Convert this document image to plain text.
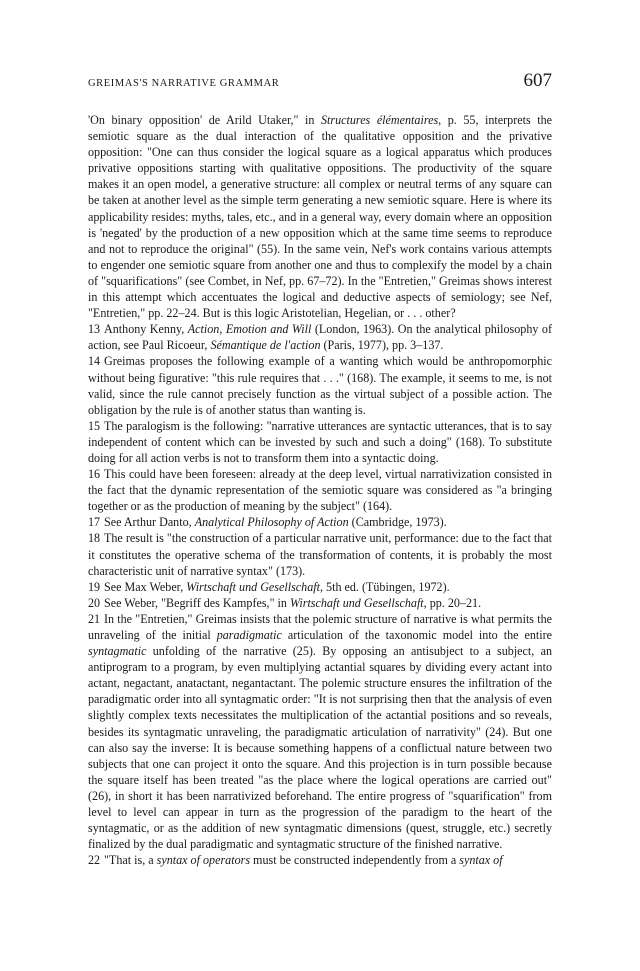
GREIMAS'S NARRATIVE GRAMMAR	607

'On binary opposition' de Arild Utaker," in Structures élémentaires, p. 55, interprets the semiotic square as the dual interaction of the qualitative opposition and the privative opposition: "One can thus consider the logical square as a logical apparatus which produces privative oppositions starting with qualitative oppositions. The productivity of the square makes it an open model, a generative structure: all complex or neutral terms of any square can be taken at another level as the simple term generating a new semiotic square. Here is where its applicability resides: myths, tales, etc., and in a general way, every domain where an opposition is 'negated' by the production of a new opposition which at the same time seems to reproduce and not to reproduce the original" (55). In the same vein, Nef's work contains various attempts to engender one semiotic square from another one and thus to complexify the model by a chain of "squarifications" (see Combet, in Nef, pp. 67–72). In the "Entretien," Greimas shows interest in this attempt which accentuates the logical and deductive aspects of semiology; see Nef, "Entretien," pp. 22–24. But is this logic Aristotelian, Hegelian, or . . . other?

13 Anthony Kenny, Action, Emotion and Will (London, 1963). On the analytical philosophy of action, see Paul Ricoeur, Sémantique de l'action (Paris, 1977), pp. 3–137.

14 Greimas proposes the following example of a wanting which would be anthropomorphic without being figurative: "this rule requires that . . ." (168). The example, it seems to me, is not valid, since the rule cannot precisely function as the virtual subject of a possible action. The obligation by the rule is of another status than wanting is.

15 The paralogism is the following: "narrative utterances are syntactic utterances, that is to say independent of content which can be invested by such and such a doing" (168). To substitute doing for all action verbs is not to transform them into a syntactic doing.

16 This could have been foreseen: already at the deep level, virtual narrativization consisted in the fact that the dynamic representation of the semiotic square was considered as "a bringing together or as the production of meaning by the subject" (164).

17 See Arthur Danto, Analytical Philosophy of Action (Cambridge, 1973).

18 The result is "the construction of a particular narrative unit, performance: due to the fact that it constitutes the operative schema of the transformation of contents, it is probably the most characteristic unit of narrative syntax" (173).

19 See Max Weber, Wirtschaft und Gesellschaft, 5th ed. (Tübingen, 1972).

20 See Weber, "Begriff des Kampfes," in Wirtschaft und Gesellschaft, pp. 20–21.

21 In the "Entretien," Greimas insists that the polemic structure of narrative is what permits the unraveling of the initial paradigmatic articulation of the taxonomic model into the entire syntagmatic unfolding of the narrative (25). By opposing an antisubject to a subject, an antiprogram to a program, by even multiplying actantial squares by dividing every actant into actant, negactant, anatactant, negantactant. The polemic structure ensures the infiltration of the paradigmatic order into all syntagmatic order: "It is not surprising then that the analysis of even slightly complex texts necessitates the multiplication of the actantial positions and so reveals, besides its syntagmatic unraveling, the paradigmatic articulation of narrativity" (24). But one can also say the inverse: It is because something happens of a conflictual nature between two subjects that one can project it onto the square. And this projection is in turn possible because the square itself has been treated "as the place where the logical operations are carried out" (26), in short it has been narrativized beforehand. The entire progress of "squarification" from level to level can appear in turn as the progression of the paradigm to the heart of the syntagmatic, or as the addition of new syntagmatic dimensions (quest, struggle, etc.) secretly finalized by the dual paradigmatic and syntagmatic structure of the finished narrative.

22 "That is, a syntax of operators must be constructed independently from a syntax of
